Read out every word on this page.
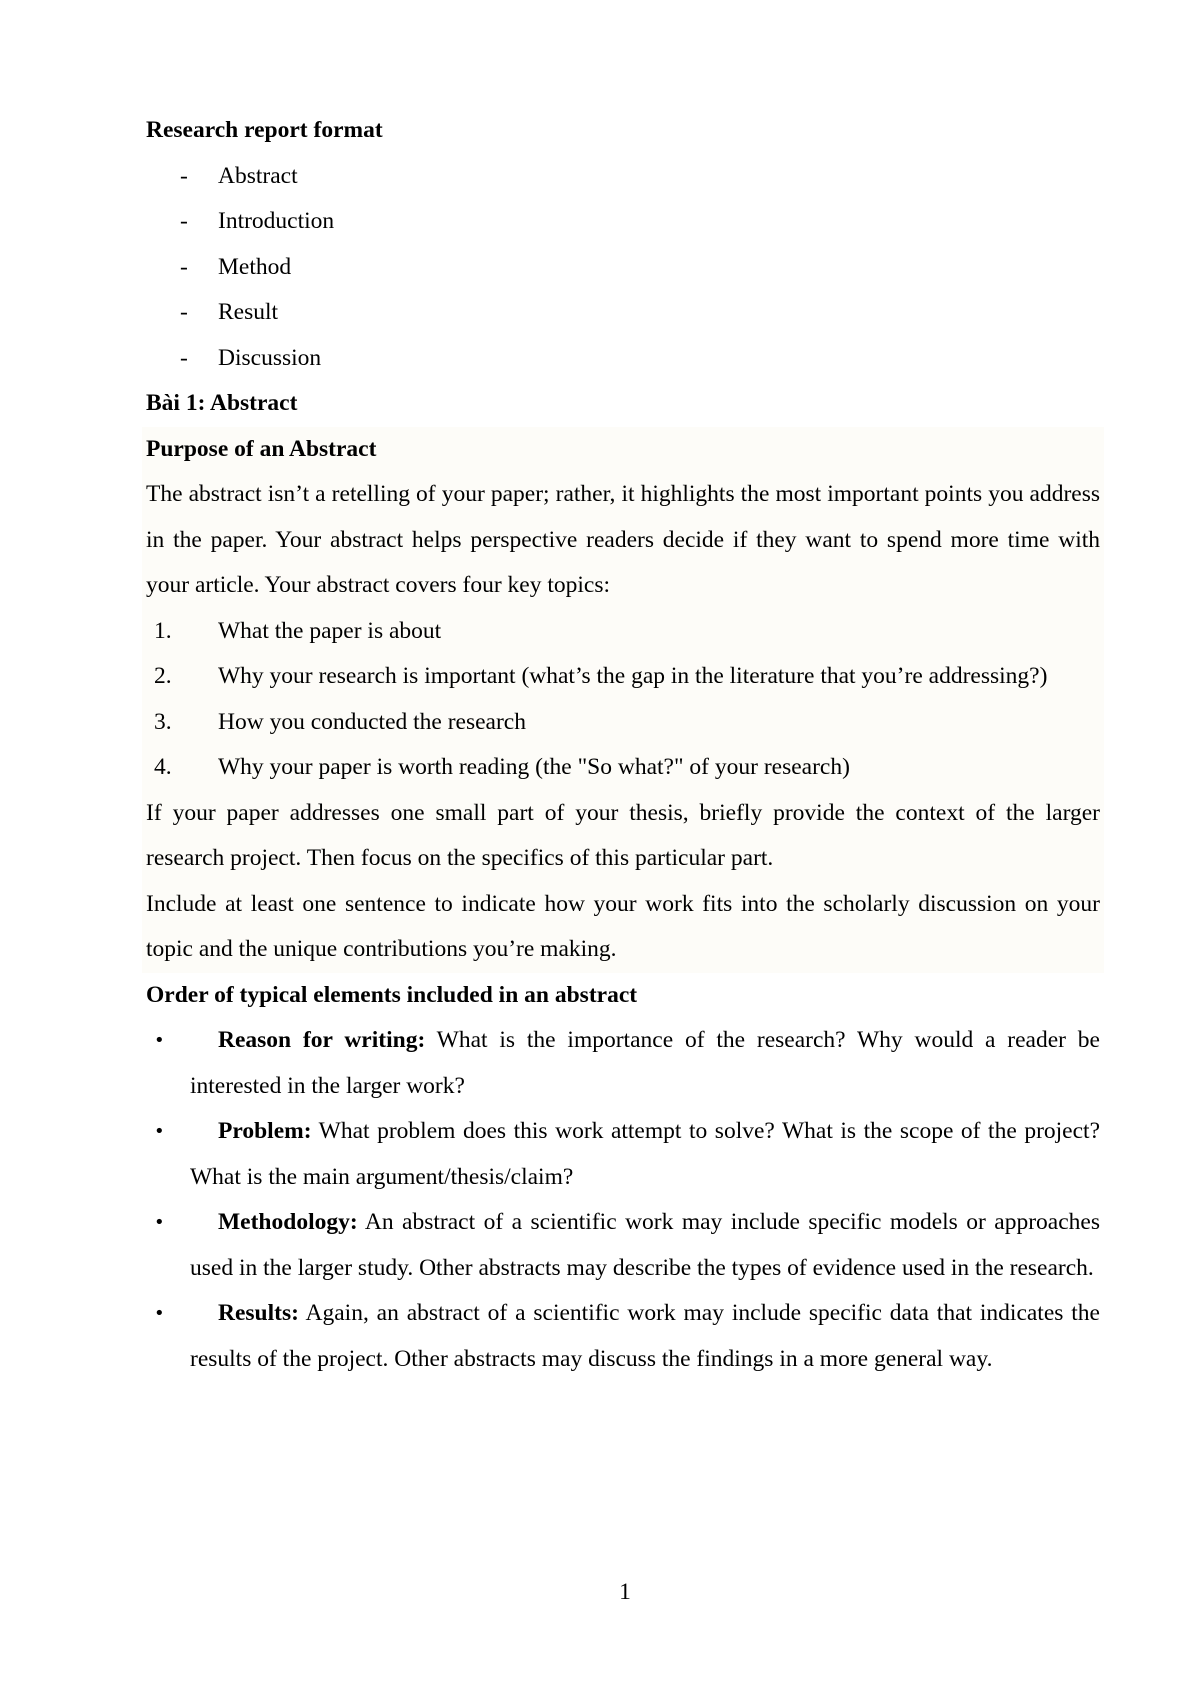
Research report format

- Abstract
- Introduction
- Method
- Result
- Discussion

Bài 1: Abstract

Purpose of an Abstract

The abstract isn’t a retelling of your paper; rather, it highlights the most important points you address in the paper. Your abstract helps perspective readers decide if they want to spend more time with your article. Your abstract covers four key topics:

1. What the paper is about
2. Why your research is important (what’s the gap in the literature that you’re addressing?)
3. How you conducted the research
4. Why your paper is worth reading (the "So what?" of your research)

If your paper addresses one small part of your thesis, briefly provide the context of the larger research project. Then focus on the specifics of this particular part.

Include at least one sentence to indicate how your work fits into the scholarly discussion on your topic and the unique contributions you’re making.

Order of typical elements included in an abstract

• Reason for writing: What is the importance of the research? Why would a reader be interested in the larger work?
• Problem: What problem does this work attempt to solve? What is the scope of the project? What is the main argument/thesis/claim?
• Methodology: An abstract of a scientific work may include specific models or approaches used in the larger study. Other abstracts may describe the types of evidence used in the research.
• Results: Again, an abstract of a scientific work may include specific data that indicates the results of the project. Other abstracts may discuss the findings in a more general way.
1
